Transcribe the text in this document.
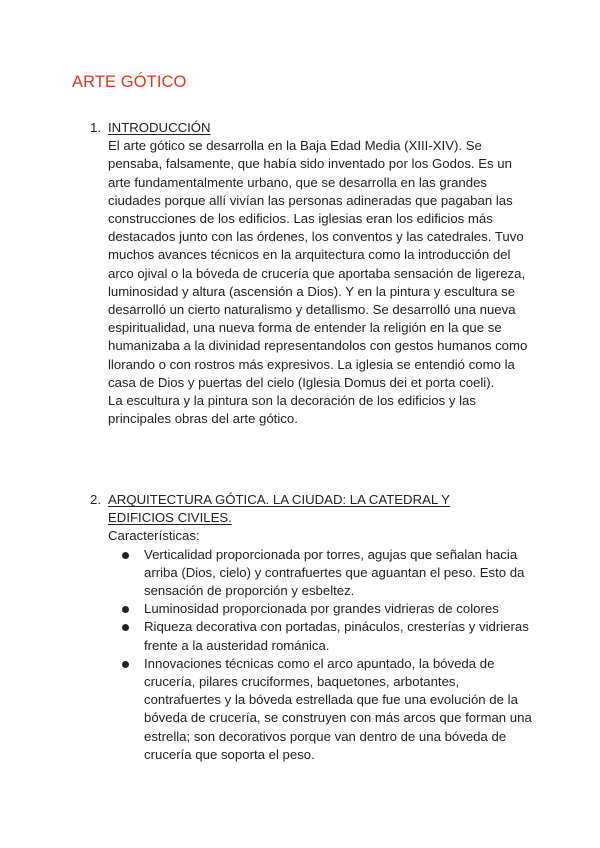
ARTE GÓTICO
1. INTRODUCCIÓN

El arte gótico se desarrolla en la Baja Edad Media (XIII-XIV). Se pensaba, falsamente, que había sido inventado por los Godos. Es un arte fundamentalmente urbano, que se desarrolla en las grandes ciudades porque allí vivían las personas adineradas que pagaban las construcciones de los edificios. Las iglesias eran los edificios más destacados junto con las órdenes, los conventos y las catedrales. Tuvo muchos avances técnicos en la arquitectura como la introducción del arco ojival o la bóveda de crucería que aportaba sensación de ligereza, luminosidad y altura (ascensión a Dios). Y en la pintura y escultura se desarrolló un cierto naturalismo y detallismo. Se desarrolló una nueva espiritualidad, una nueva forma de entender la religión en la que se humanizaba a la divinidad representandolos con gestos humanos como llorando o con rostros más expresivos. La iglesia se entendió como la casa de Dios y puertas del cielo (Iglesia Domus dei et porta coeli).

La escultura y la pintura son la decoración de los edificios y las principales obras del arte gótico.

2. ARQUITECTURA GÓTICA. LA CIUDAD: LA CATEDRAL Y EDIFICIOS CIVILES.
Características:
Verticalidad proporcionada por torres, agujas que señalan hacia arriba (Dios, cielo) y contrafuertes que aguantan el peso. Esto da sensación de proporción y esbeltez.
Luminosidad proporcionada por grandes vidrieras de colores
Riqueza decorativa con portadas, pináculos, cresterías y vidrieras frente a la austeridad románica.
Innovaciones técnicas como el arco apuntado, la bóveda de crucería, pilares cruciformes, baquetones, arbotantes, contrafuertes y la bóveda estrellada que fue una evolución de la bóveda de crucería, se construyen con más arcos que forman una estrella; son decorativos porque van dentro de una bóveda de crucería que soporta el peso.
